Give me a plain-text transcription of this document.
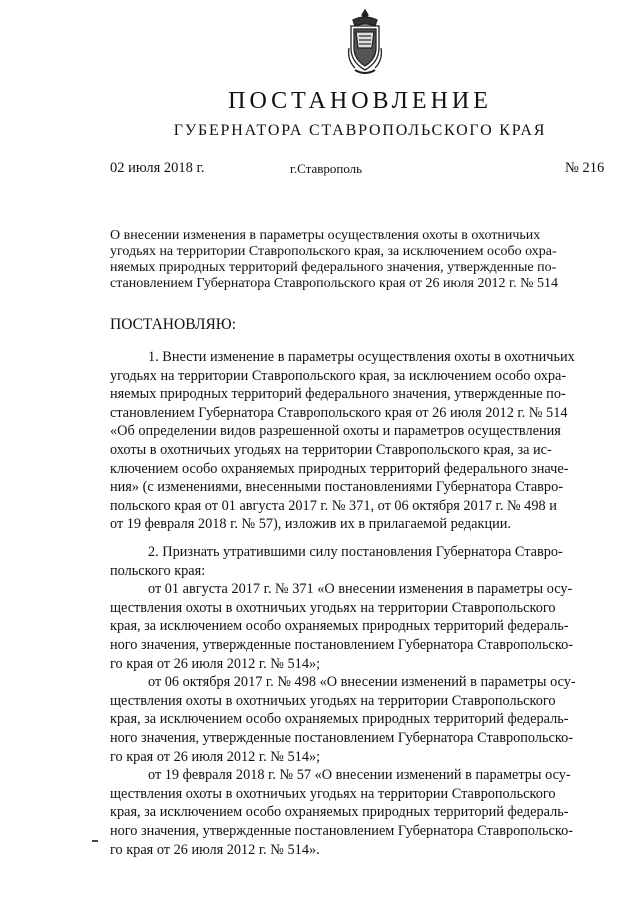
ПОСТАНОВЛЕНИЕ
ГУБЕРНАТОРА СТАВРОПОЛЬСКОГО КРАЯ
02 июля 2018 г.	г.Ставрополь	№ 216
О внесении изменения в параметры осуществления охоты в охотничьих
угодьях на территории Ставропольского края, за исключением особо охра-
няемых природных территорий федерального значения, утвержденные по-
становлением Губернатора Ставропольского края от 26 июля 2012 г. № 514
ПОСТАНОВЛЯЮ:
1. Внести изменение в параметры осуществления охоты в охотничьих
угодьях на территории Ставропольского края, за исключением особо охра-
няемых природных территорий федерального значения, утвержденные по-
становлением Губернатора Ставропольского края от 26 июля 2012 г. № 514
«Об определении видов разрешенной охоты и параметров осуществления
охоты в охотничьих угодьях на территории Ставропольского края, за ис-
ключением особо охраняемых природных территорий федерального значе-
ния» (с изменениями, внесенными постановлениями Губернатора Ставро-
польского края от 01 августа 2017 г. № 371, от 06 октября 2017 г. № 498 и
от 19 февраля 2018 г. № 57), изложив их в прилагаемой редакции.
2. Признать утратившими силу постановления Губернатора Ставро-
польского края:
от 01 августа 2017 г. № 371 «О внесении изменения в параметры осу-
ществления охоты в охотничьих угодьях на территории Ставропольского
края, за исключением особо охраняемых природных территорий федераль-
ного значения, утвержденные постановлением Губернатора Ставропольско-
го края от 26 июля 2012 г. № 514»;
от 06 октября 2017 г. № 498 «О внесении изменений в параметры осу-
ществления охоты в охотничьих угодьях на территории Ставропольского
края, за исключением особо охраняемых природных территорий федераль-
ного значения, утвержденные постановлением Губернатора Ставропольско-
го края от 26 июля 2012 г. № 514»;
от 19 февраля 2018 г. № 57 «О внесении изменений в параметры осу-
ществления охоты в охотничьих угодьях на территории Ставропольского
края, за исключением особо охраняемых природных территорий федераль-
ного значения, утвержденные постановлением Губернатора Ставропольско-
го края от 26 июля 2012 г. № 514».
